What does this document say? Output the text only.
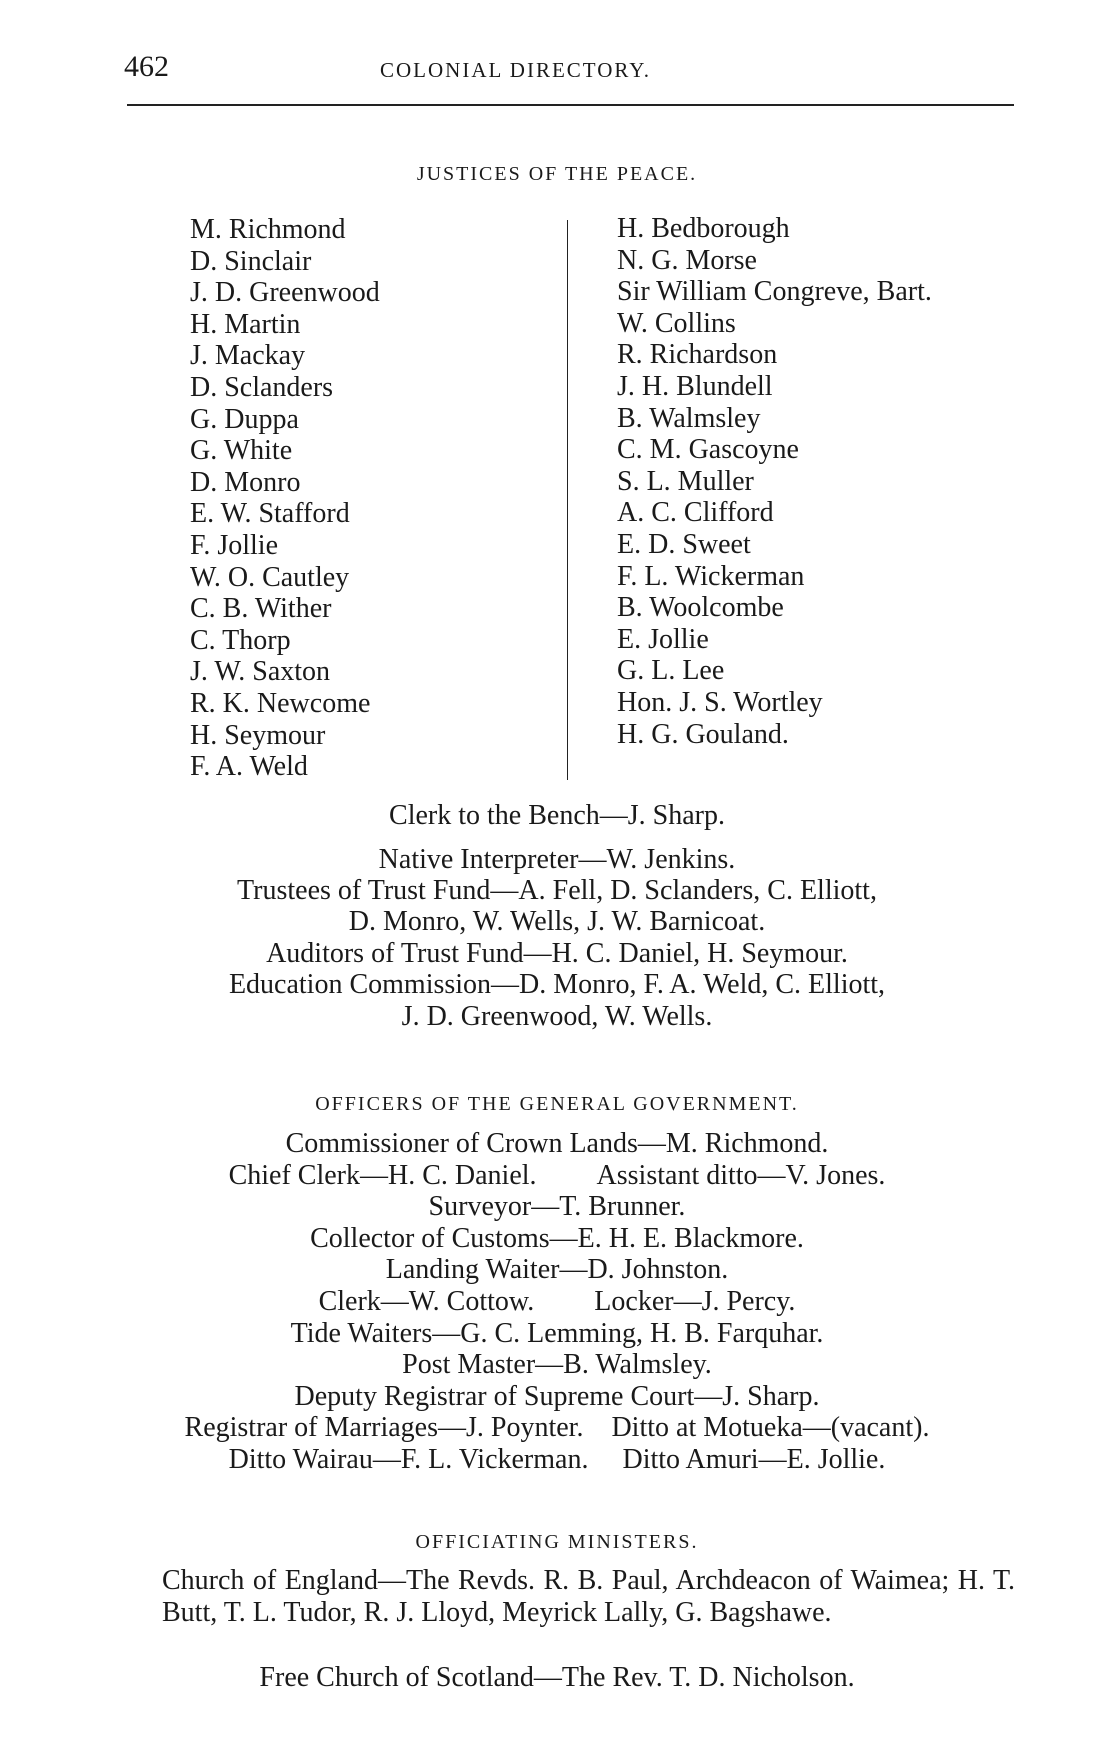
462	COLONIAL DIRECTORY.
JUSTICES OF THE PEACE.
M. Richmond
D. Sinclair
J. D. Greenwood
H. Martin
J. Mackay
D. Sclanders
G. Duppa
G. White
D. Monro
E. W. Stafford
F. Jollie
W. O. Cautley
C. B. Wither
C. Thorp
J. W. Saxton
R. K. Newcome
H. Seymour
F. A. Weld
H. Bedborough
N. G. Morse
Sir William Congreve, Bart.
W. Collins
R. Richardson
J. H. Blundell
B. Walmsley
C. M. Gascoyne
S. L. Muller
A. C. Clifford
E. D. Sweet
F. L. Wickerman
B. Woolcombe
E. Jollie
G. L. Lee
Hon. J. S. Wortley
H. G. Gouland.
Clerk to the Bench—J. Sharp.
Native Interpreter—W. Jenkins.
Trustees of Trust Fund—A. Fell, D. Sclanders, C. Elliott,
D. Monro, W. Wells, J. W. Barnicoat.
Auditors of Trust Fund—H. C. Daniel, H. Seymour.
Education Commission—D. Monro, F. A. Weld, C. Elliott,
J. D. Greenwood, W. Wells.
OFFICERS OF THE GENERAL GOVERNMENT.
Commissioner of Crown Lands—M. Richmond.
Chief Clerk—H. C. Daniel. Assistant ditto—V. Jones.
Surveyor—T. Brunner.
Collector of Customs—E. H. E. Blackmore.
Landing Waiter—D. Johnston.
Clerk—W. Cottow. Locker—J. Percy.
Tide Waiters—G. C. Lemming, H. B. Farquhar.
Post Master—B. Walmsley.
Deputy Registrar of Supreme Court—J. Sharp.
Registrar of Marriages—J. Poynter. Ditto at Motueka—(vacant).
Ditto Wairau—F. L. Vickerman. Ditto Amuri—E. Jollie.
OFFICIATING MINISTERS.
Church of England—The Revds. R. B. Paul, Archdeacon of Waimea; H. T. Butt, T. L. Tudor, R. J. Lloyd, Meyrick Lally, G. Bagshawe.
Free Church of Scotland—The Rev. T. D. Nicholson.
